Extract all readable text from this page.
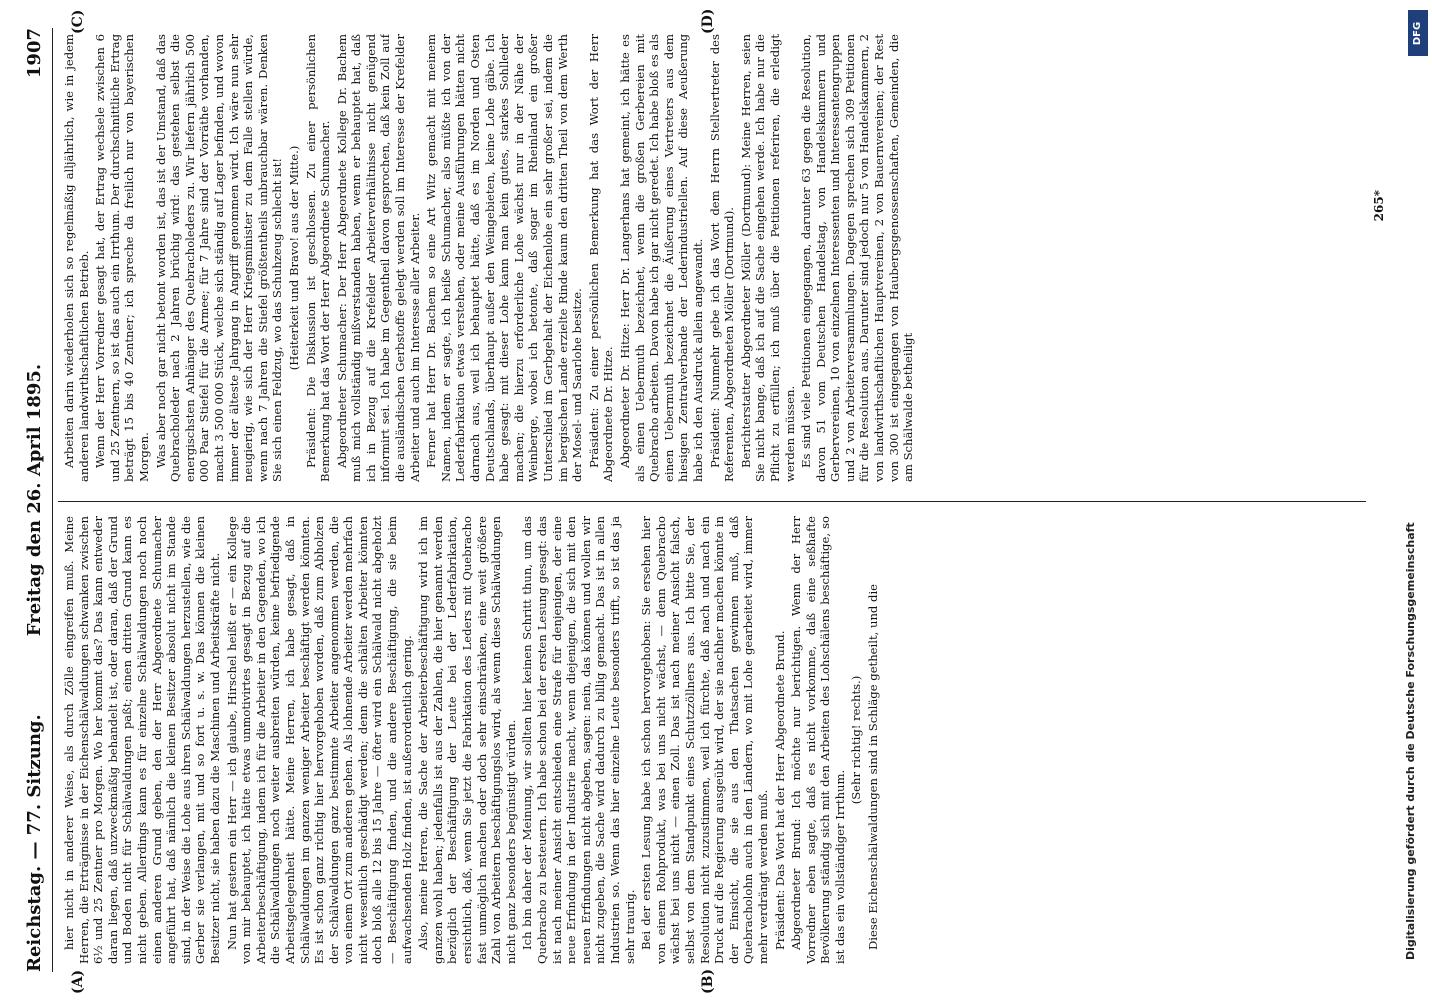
Reichstag. — 77. Sitzung.
Freitag den 26. April 1895.
1907
(A)	(B)
(C)	(D)

hier nicht in anderer Weise, als durch Zölle eingreifen muß. Meine Herren, die Erträgnisse in der Eichenschälwaldungen schwanken zwischen 6½ und 25 Zentner pro Morgen. Wo her kommt das? Das kann entweder daran liegen, daß unzweckmäßig behandelt ist, oder daran, daß der Grund und Boden nicht für Schälwaldungen paßt; einen dritten Grund kann es nicht geben. Allerdings kann es für einzelne Schälwaldungen noch noch einen anderen Grund geben, den der Herr Abgeordnete Schumacher angeführt hat, daß nämlich die kleinen Besitzer absolut nicht im Stande sind, in der Weise die Lohe aus ihren Schälwaldungen herzustellen, wie die Gerber sie verlangen, mit und so fort u. s. w. Das können die kleinen Besitzer nicht, sie haben dazu die Maschinen und Arbeitskräfte nicht. Nun hat gestern ein Herr — ich glaube, Hirschel heißt er — ein Kollege von mir behauptet, ich hätte etwas unmotivirtes gesagt in Bezug auf die Arbeiterbeschäftigung, indem ich für die Arbeiter in den Gegenden, wo ich die Schälwaldungen noch weiter ausbreiten würden, keine befriedigende Arbeitsgelegenheit hätte. Meine Herren, ich habe gesagt, daß in Schälwaldungen im ganzen weniger Arbeiter beschäftigt werden könnten. Es ist schon ganz richtig hier hervorgehoben worden, daß zum Abholzen der Schälwaldungen ganz bestimmte Arbeiter angenommen werden, die von einem Ort zum anderen gehen. Als lohnende Arbeiter werden mehrfach nicht wesentlich geschädigt werden; denn die schälten Arbeiter könnten doch bloß alle 12 bis 15 Jahre — öfter wird ein Schälwald nicht abgeholzt — Beschäftigung finden, und die andere Beschäftigung, die sie beim aufwachsenden Holz finden, ist außerordentlich gering. Also, meine Herren, die Sache der Arbeiterbeschäftigung wird ich im ganzen wohl haben; jedenfalls ist aus der Zahlen, die hier genannt werden bezüglich der Beschäftigung der Leute bei der Lederfabrikation, ersichtlich, daß, wenn Sie jetzt die Fabrikation des Leders mit Quebracho fast unmöglich machen oder doch sehr einschränken, eine weit größere Zahl von Arbeitern beschäftigungslos wird, als wenn diese Schälwaldungen nicht ganz besonders begünstigt würden. Ich bin daher der Meinung, wir sollten hier keinen Schritt thun, um das Quebracho zu besteuern. Ich habe schon bei der ersten Lesung gesagt: das ist nach meiner Ansicht entschieden eine Strafe für denjenigen, der eine neue Erfindung in der Industrie macht, wenn diejenigen, die sich mit den neuen Erfindungen nicht abgeben, sagen: nein, das können und wollen wir nicht zugeben, die Sache wird dadurch zu billig gemacht. Das ist in allen Industrien so. Wenn das hier einzelne Leute besonders trifft, so ist das ja sehr traurig. Bei der ersten Lesung habe ich schon hervorgehoben: Sie ersehen hier von einem Rohprodukt, was bei uns nicht wächst, — denn Quebracho wächst bei uns nicht — einen Zoll. Das ist nach meiner Ansicht falsch, selbst von dem Standpunkt eines Schutzzöllners aus. Ich bitte Sie, der Resolution nicht zuzustimmen, weil ich fürchte, daß nach und nach ein Druck auf die Regierung ausgeübt wird, der sie nachher machen könnte in der Einsicht, die sie aus den Thatsachen gewinnen muß, daß Quebracholohn auch in den Ländern, wo mit Lohe gearbeitet wird, immer mehr verdrängt werden muß. Präsident: Das Wort hat der Herr Abgeordnete Brund. Abgeordneter Brund: Ich möchte nur berichtigen. Wenn der Herr Vorredner eben sagte, daß es nicht vorkomme, daß eine seßhafte Bevölkerung ständig sich mit den Arbeiten des Lohschälens beschäftige, so ist das ein vollständiger Irrthum.

(Sehr richtig! rechts.) Diese Eichenschälwaldungen sind in Schläge getheilt, und die

Arbeiten darin wiederholen sich so regelmäßig alljährlich, wie in jedem anderen landwirthschaftlichen Betrieb. Wenn der Herr Vorredner gesagt hat, der Ertrag wechsele zwischen 6 und 25 Zentnern, so ist das auch ein Irrthum. Der durchschnittliche Ertrag beträgt 15 bis 40 Zentner; ich spreche da freilich nur von bayerischen Morgen. Was aber noch gar nicht betont worden ist, das ist der Umstand, daß das Quebracholeder nach 2 Jahren brüchig wird: das gestehen selbst die energischsten Anhänger des Quebracholeders zu. Wir liefern jährlich 500 000 Paar Stiefel für die Armee; für 7 Jahre sind der Vorräthe vorhanden, macht 3 500 000 Stück, welche sich ständig auf Lager befinden, und wovon immer der älteste Jahrgang in Angriff genommen wird. Ich wäre nun sehr neugierig, wie sich der Herr Kriegsminister zu dem Falle stellen würde, wenn nach 7 Jahren die Stiefel größtentheils unbrauchbar wären. Denken Sie sich einen Feldzug, wo das Schuhzeug schlecht ist! (Heiterkeit und Bravo! aus der Mitte.) Präsident: Die Diskussion ist geschlossen. Zu einer persönlichen Bemerkung hat das Wort der Herr Abgeordnete Schumacher. Abgeordneter Schumacher: Der Herr Abgeordnete Kollege Dr. Bachem muß mich vollständig mißverstanden haben, wenn er behauptet hat, daß ich in Bezug auf die Krefelder Arbeiterverhältnisse nicht genügend informirt sei. Ich habe im Gegentheil davon gesprochen, daß kein Zoll auf die ausländischen Gerbstoffe gelegt werden soll im Interesse der Krefelder Arbeiter und auch im Interesse aller Arbeiter. Ferner hat Herr Dr. Bachem so eine Art Witz gemacht mit meinem Namen, indem er sagte, ich heiße Schumacher, also müßte ich von der Lederfabrikation etwas verstehen, oder meine Ausführungen hätten nicht darnach aus, weil ich behauptet hätte, daß es im Norden und Osten Deutschlands, überhaupt außer den Weingebieten, keine Lohe gäbe. Ich habe gesagt: mit dieser Lohe kann man kein gutes, starkes Sohlleder machen; die hierzu erforderliche Lohe wächst nur in der Nähe der Weinberge, wobei ich betonte, daß sogar im Rheinland ein großer Unterschied im Gerbgehalt der Eichenlohe ein sehr großer sei, indem die im bergischen Lande erzielte Rinde kaum den dritten Theil von dem Werth der Mosel- und Saarlohe besitze. Präsident: Zu einer persönlichen Bemerkung hat das Wort der Herr Abgeordnete Dr. Hitze. Abgeordneter Dr. Hitze: Herr Dr. Langerhans hat gemeint, ich hätte es als einen Uebermuth bezeichnet, wenn die großen Gerbereien mit Quebracho arbeiten. Davon habe ich gar nicht geredet. Ich habe bloß es als einen Uebermuth bezeichnet die Äußerung eines Vertreters aus dem hiesigen Zentralverbande der Lederindustriellen. Auf diese Aeußerung habe ich den Ausdruck allein angewandt. Präsident: Nunmehr gebe ich das Wort dem Herrn Stellvertreter des Referenten, Abgeordneten Möller (Dortmund). Berichterstatter Abgeordneter Möller (Dortmund): Meine Herren, seien Sie nicht bange, daß ich auf die Sache eingehen werde. Ich habe nur die Pflicht zu erfüllen; ich muß über die Petitionen referiren, die erledigt werden müssen. Es sind viele Petitionen eingegangen, darunter 63 gegen die Resolution, davon 51 vom Deutschen Handelstag, von Handelskammern und Gerbervereinen, 10 von einzelnen Interessenten und Interessentengruppen und 2 von Arbeiterversammlungen. Dagegen sprechen sich 309 Petitionen für die Resolution aus. Darunter sind jedoch nur 5 von Handelskammern, 2 von landwirthschaftlichen Hauptvereinen, 2 von Bauernvereinen; der Rest von 300 ist eingegangen von Haubergsgenossenschaften, Gemeinden, die am Schälwalde betheiligt

265*
Digitalisierung gefördert durch die Deutsche Forschungsgemeinschaft
DFG
